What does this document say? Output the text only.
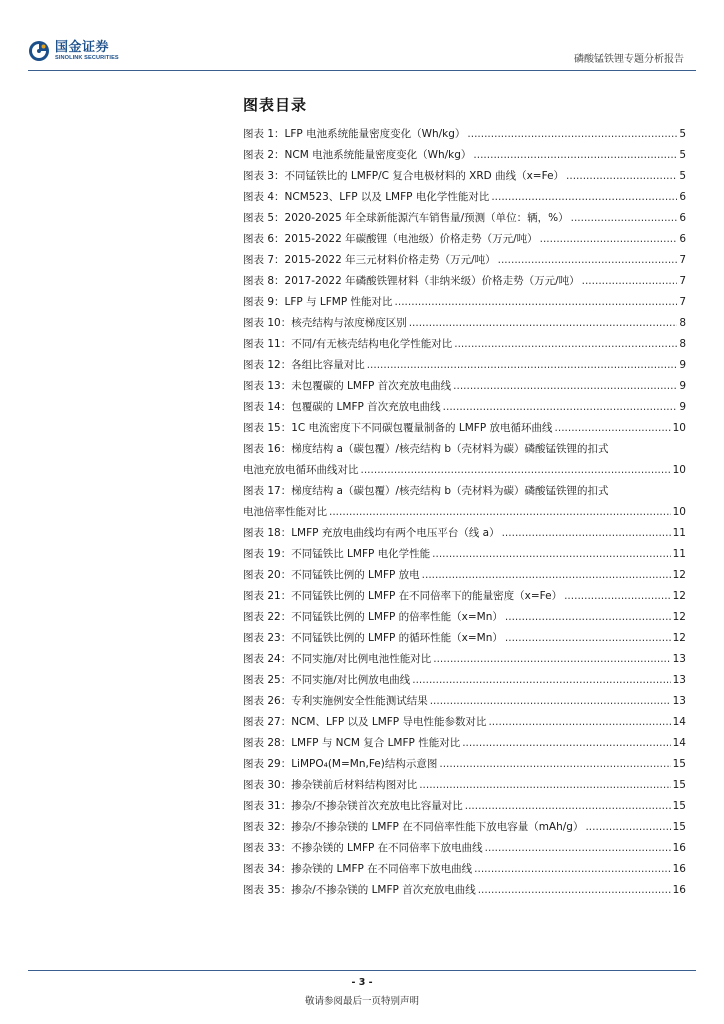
国金证券
SINOLINK SECURITIES	磷酸锰铁锂专题分析报告
图表目录
图表 1：LFP 电池系统能量密度变化（Wh/kg） .....	5
图表 2：NCM 电池系统能量密度变化（Wh/kg） .....	5
图表 3：不同锰铁比的 LMFP/C 复合电极材料的 XRD 曲线（x=Fe） .....	5
图表 4：NCM523、LFP 以及 LMFP 电化学性能对比 .....	6
图表 5：2020-2025 年全球新能源汽车销售量/预测（单位：辆，%） .....	6
图表 6：2015-2022 年碳酸锂（电池级）价格走势（万元/吨） .....	6
图表 7：2015-2022 年三元材料价格走势（万元/吨） .....	7
图表 8：2017-2022 年磷酸铁锂材料（非纳米级）价格走势（万元/吨） .....	7
图表 9：LFP 与 LFMP 性能对比 .....	7
图表 10：核壳结构与浓度梯度区别 .....	8
图表 11：不同/有无核壳结构电化学性能对比 .....	8
图表 12：各组比容量对比 .....	9
图表 13：未包覆碳的 LMFP 首次充放电曲线 .....	9
图表 14：包覆碳的 LMFP 首次充放电曲线 .....	9
图表 15：1C 电流密度下不同碳包覆量制备的 LMFP 放电循环曲线 .....	10
图表 16：梯度结构 a（碳包覆）/核壳结构 b（壳材料为碳）磷酸锰铁锂的扣式
电池充放电循环曲线对比 .....	10
图表 17：梯度结构 a（碳包覆）/核壳结构 b（壳材料为碳）磷酸锰铁锂的扣式
电池倍率性能对比 .....	10
图表 18：LMFP 充放电曲线均有两个电压平台（线 a） .....	11
图表 19：不同锰铁比 LMFP 电化学性能 .....	11
图表 20：不同锰铁比例的 LMFP 放电 .....	12
图表 21：不同锰铁比例的 LMFP 在不同倍率下的能量密度（x=Fe） .....	12
图表 22：不同锰铁比例的 LMFP 的倍率性能（x=Mn） .....	12
图表 23：不同锰铁比例的 LMFP 的循环性能（x=Mn） .....	12
图表 24：不同实施/对比例电池性能对比 .....	13
图表 25：不同实施/对比例放电曲线 .....	13
图表 26：专利实施例安全性能测试结果 .....	13
图表 27：NCM、LFP 以及 LMFP 导电性能参数对比 .....	14
图表 28：LMFP 与 NCM 复合 LMFP 性能对比 .....	14
图表 29：LiMPO₄(M=Mn,Fe)结构示意图 .....	15
图表 30：掺杂镁前后材料结构图对比 .....	15
图表 31：掺杂/不掺杂镁首次充放电比容量对比 .....	15
图表 32：掺杂/不掺杂镁的 LMFP 在不同倍率性能下放电容量（mAh/g） .....	15
图表 33：不掺杂镁的 LMFP 在不同倍率下放电曲线 .....	16
图表 34：掺杂镁的 LMFP 在不同倍率下放电曲线 .....	16
图表 35：掺杂/不掺杂镁的 LMFP 首次充放电曲线 .....	16
- 3 -
敬请参阅最后一页特别声明
